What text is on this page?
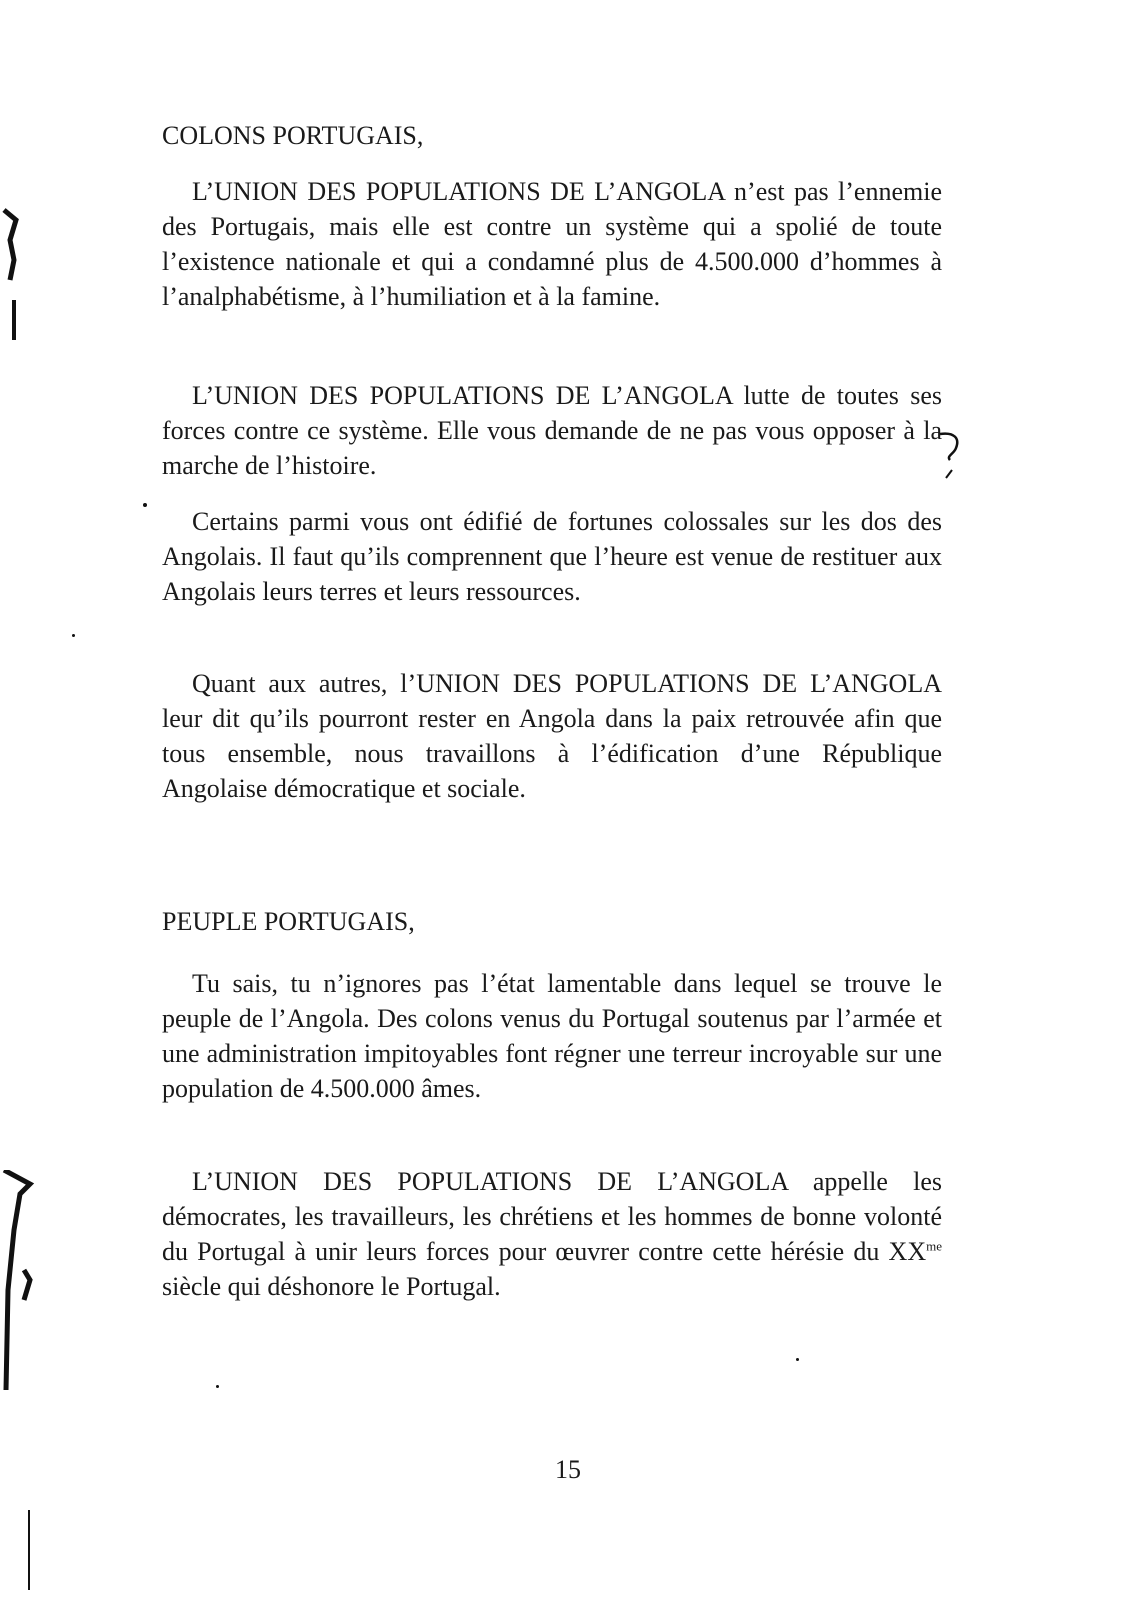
COLONS PORTUGAIS,

L’UNION DES POPULATIONS DE L’ANGOLA n’est pas l’ennemie des Portugais, mais elle est contre un système qui a spolié de toute l’existence nationale et qui a condamné plus de 4.500.000 d’hommes à l’analphabétisme, à l’humiliation et à la famine.

L’UNION DES POPULATIONS DE L’ANGOLA lutte de toutes ses forces contre ce système. Elle vous demande de ne pas vous opposer à la marche de l’histoire.

Certains parmi vous ont édifié de fortunes colossales sur les dos des Angolais. Il faut qu’ils comprennent que l’heure est venue de restituer aux Angolais leurs terres et leurs ressources.

Quant aux autres, l’UNION DES POPULATIONS DE L’ANGOLA leur dit qu’ils pourront rester en Angola dans la paix retrouvée afin que tous ensemble, nous travaillons à l’édification d’une République Angolaise démocratique et sociale.

PEUPLE PORTUGAIS,

Tu sais, tu n’ignores pas l’état lamentable dans lequel se trouve le peuple de l’Angola. Des colons venus du Portugal soutenus par l’armée et une administration impitoyables font régner une terreur incroyable sur une population de 4.500.000 âmes.

L’UNION DES POPULATIONS DE L’ANGOLA appelle les démocrates, les travailleurs, les chrétiens et les hommes de bonne volonté du Portugal à unir leurs forces pour œuvrer contre cette hérésie du $XX^{me}$ siècle qui déshonore le Portugal.

15
